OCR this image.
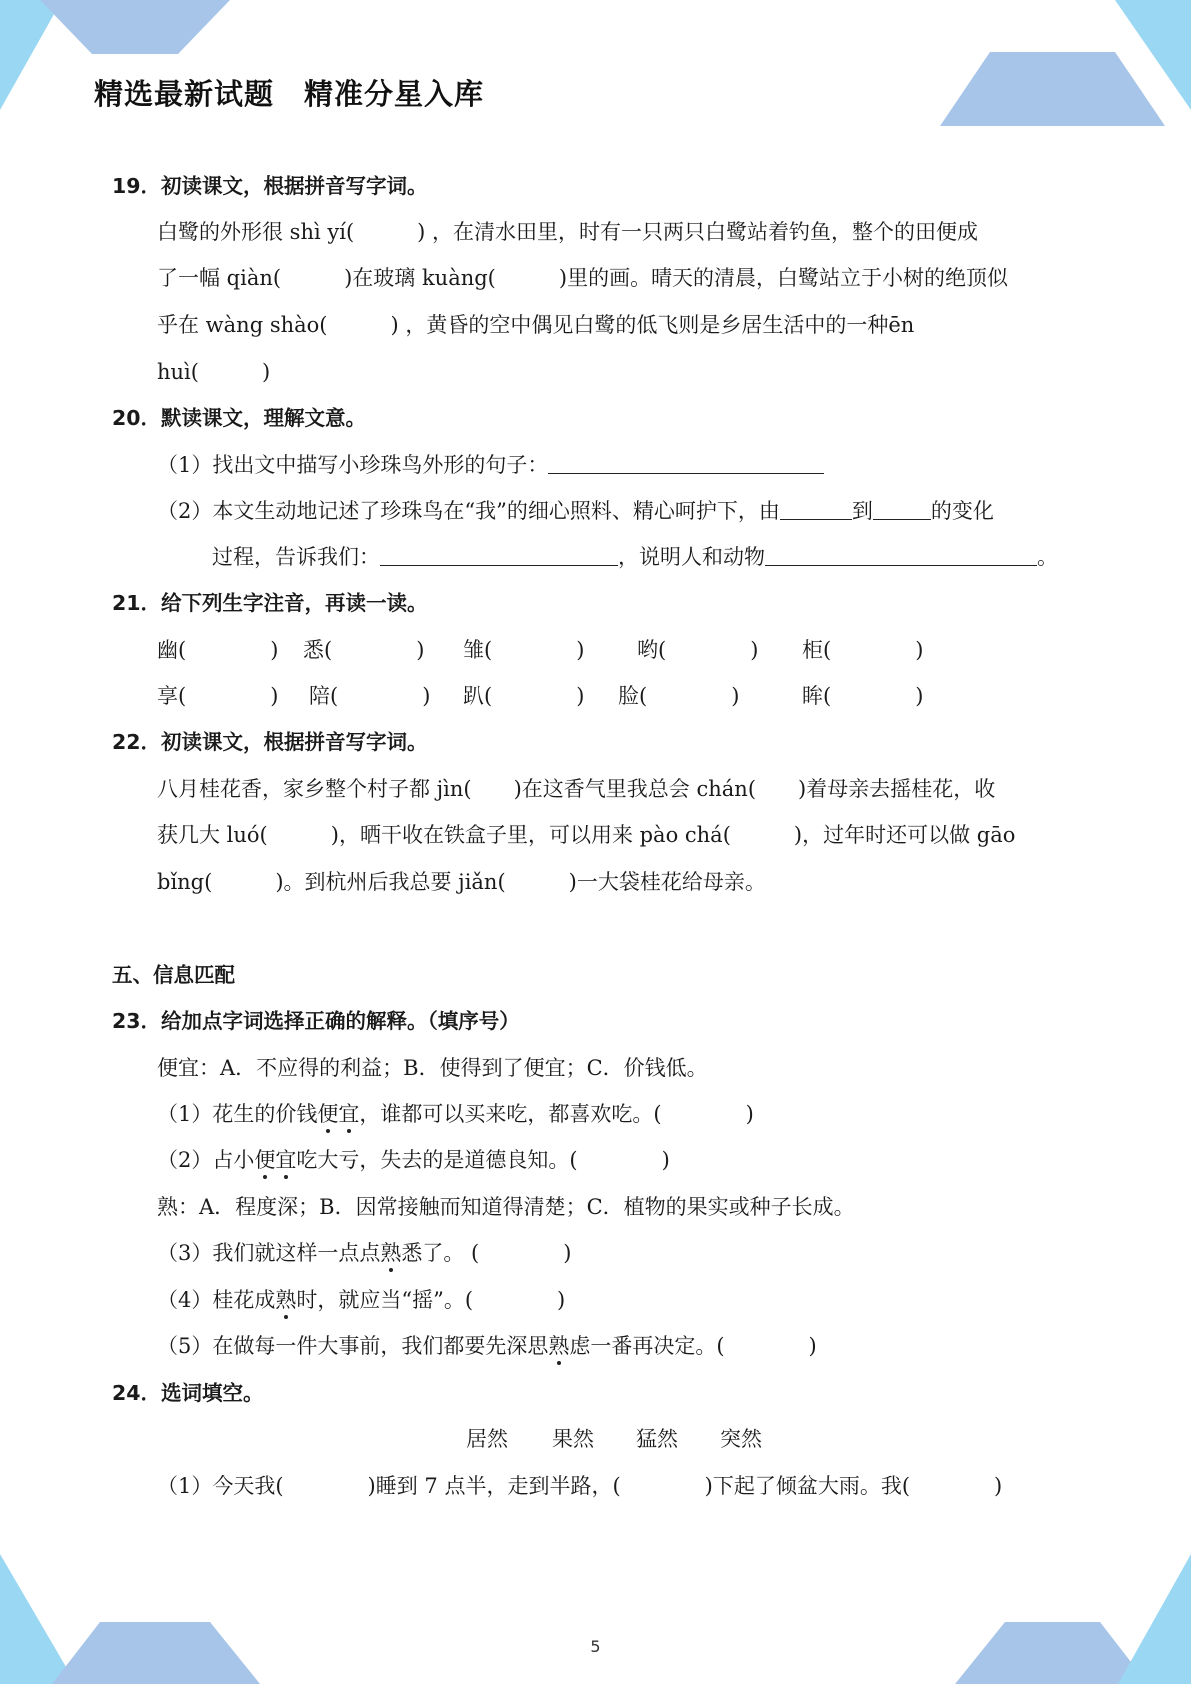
精选最新试题　精准分星入库
19．初读课文，根据拼音写字词。
白鹭的外形很 shì yí(　　　) ，在清水田里，时有一只两只白鹭站着钓鱼，整个的田便成
了一幅 qiàn(　　　)在玻璃 kuàng(　　　)里的画。晴天的清晨，白鹭站立于小树的绝顶似
乎在 wàng shào(　　　) ，黄昏的空中偶见白鹭的低飞则是乡居生活中的一种ēn
huì(　　　)
20．默读课文，理解文意。
（1）找出文中描写小珍珠鸟外形的句子：
（2）本文生动地记述了珍珠鸟在“我”的细心照料、精心呵护下，由	到	的变化
过程，告诉我们：	，说明人和动物	。
21．给下列生字注音，再读一读。
幽(　　　　) 悉(　　　　) 雏(　　　　)	哟(　　　　) 柜(　　　　)
享(　　　　) 陪(　　　　) 趴(　　　　) 脸(　　　　)	眸(　　　　)
22．初读课文，根据拼音写字词。
八月桂花香，家乡整个村子都 jìn(　　)在这香气里我总会 chán(　　)着母亲去摇桂花，收
获几大 luó(　　　)，晒干收在铁盒子里，可以用来 pào chá(　　　)，过年时还可以做 gāo
bǐng(　　　)。到杭州后我总要 jiǎn(　　　)一大袋桂花给母亲。
五、信息匹配
23．给加点字词选择正确的解释。（填序号）
便宜：A．不应得的利益；B．使得到了便宜；C．价钱低。
（1）花生的价钱便宜，谁都可以买来吃，都喜欢吃。(　　　　)
（2）占小便宜吃大亏，失去的是道德良知。(　　　　)
熟：A．程度深；B．因常接触而知道得清楚；C．植物的果实或种子长成。
（3）我们就这样一点点熟悉了。 (　　　　)
（4）桂花成熟时，就应当“摇”。(　　　　)
（5）在做每一件大事前，我们都要先深思熟虑一番再决定。(　　　　)
24．选词填空。
居然 果然 猛然 突然
（1）今天我(　　　　)睡到 7 点半，走到半路，(　　　　)下起了倾盆大雨。我(　　　　)
5
